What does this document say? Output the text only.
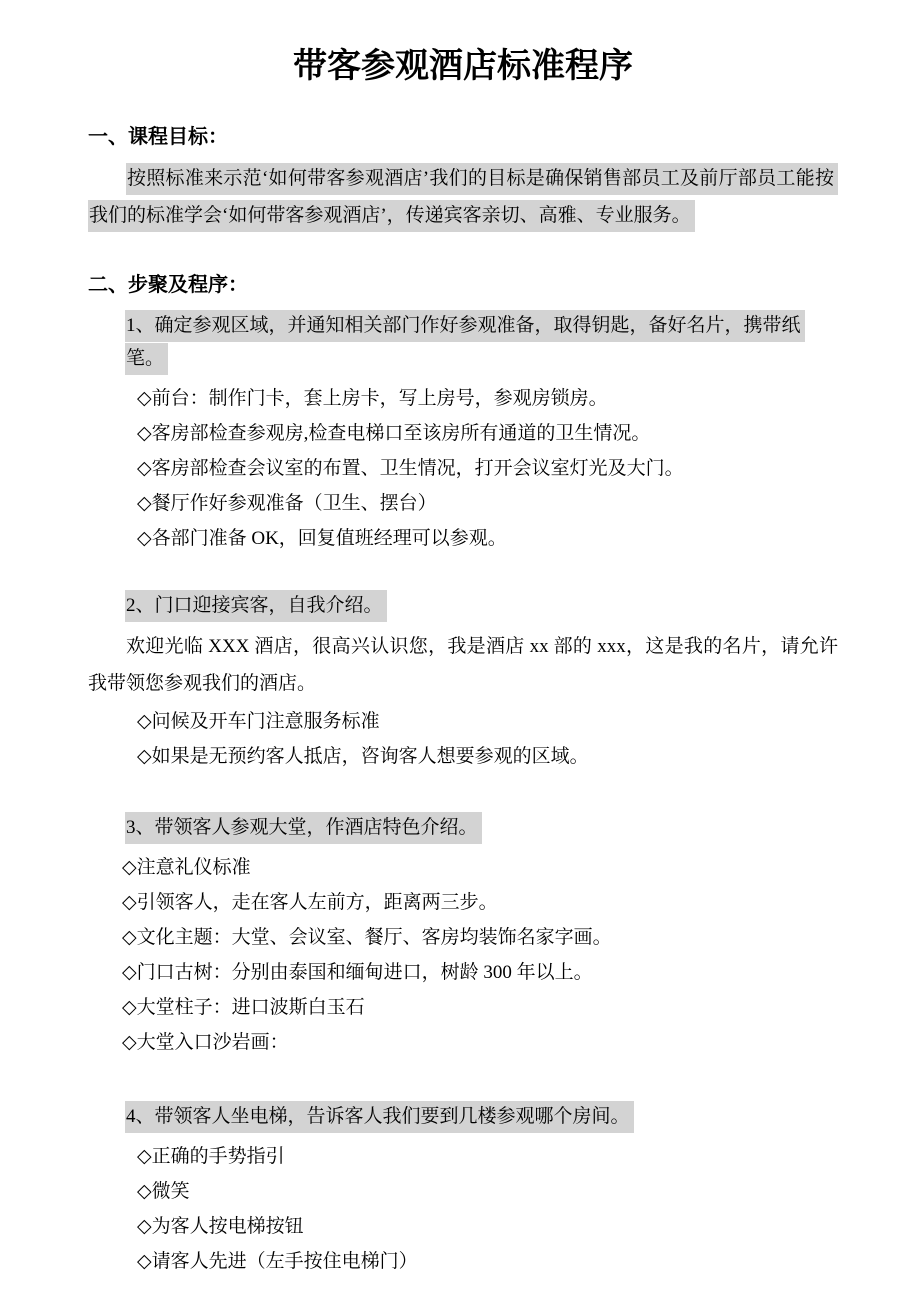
带客参观酒店标准程序
一、课程目标：

按照标准来示范‘如何带客参观酒店’我们的目标是确保销售部员工及前厅部员工能按我们的标准学会‘如何带客参观酒店’，传递宾客亲切、高雅、专业服务。

二、步聚及程序：

1、确定参观区域，并通知相关部门作好参观准备，取得钥匙，备好名片，携带纸笔。

◇前台：制作门卡，套上房卡，写上房号，参观房锁房。
◇客房部检查参观房,检查电梯口至该房所有通道的卫生情况。
◇客房部检查会议室的布置、卫生情况，打开会议室灯光及大门。
◇餐厅作好参观准备（卫生、摆台）
◇各部门准备 OK，回复值班经理可以参观。

2、门口迎接宾客，自我介绍。

欢迎光临 XXX 酒店，很高兴认识您，我是酒店 xx 部的 xxx，这是我的名片，请允许我带领您参观我们的酒店。

◇问候及开车门注意服务标准
◇如果是无预约客人抵店，咨询客人想要参观的区域。

3、带领客人参观大堂，作酒店特色介绍。

◇注意礼仪标准
◇引领客人，走在客人左前方，距离两三步。
◇文化主题：大堂、会议室、餐厅、客房均装饰名家字画。
◇门口古树：分别由泰国和缅甸进口，树龄 300 年以上。
◇大堂柱子：进口波斯白玉石
◇大堂入口沙岩画：

4、带领客人坐电梯，告诉客人我们要到几楼参观哪个房间。

◇正确的手势指引
◇微笑
◇为客人按电梯按钮
◇请客人先进（左手按住电梯门）
